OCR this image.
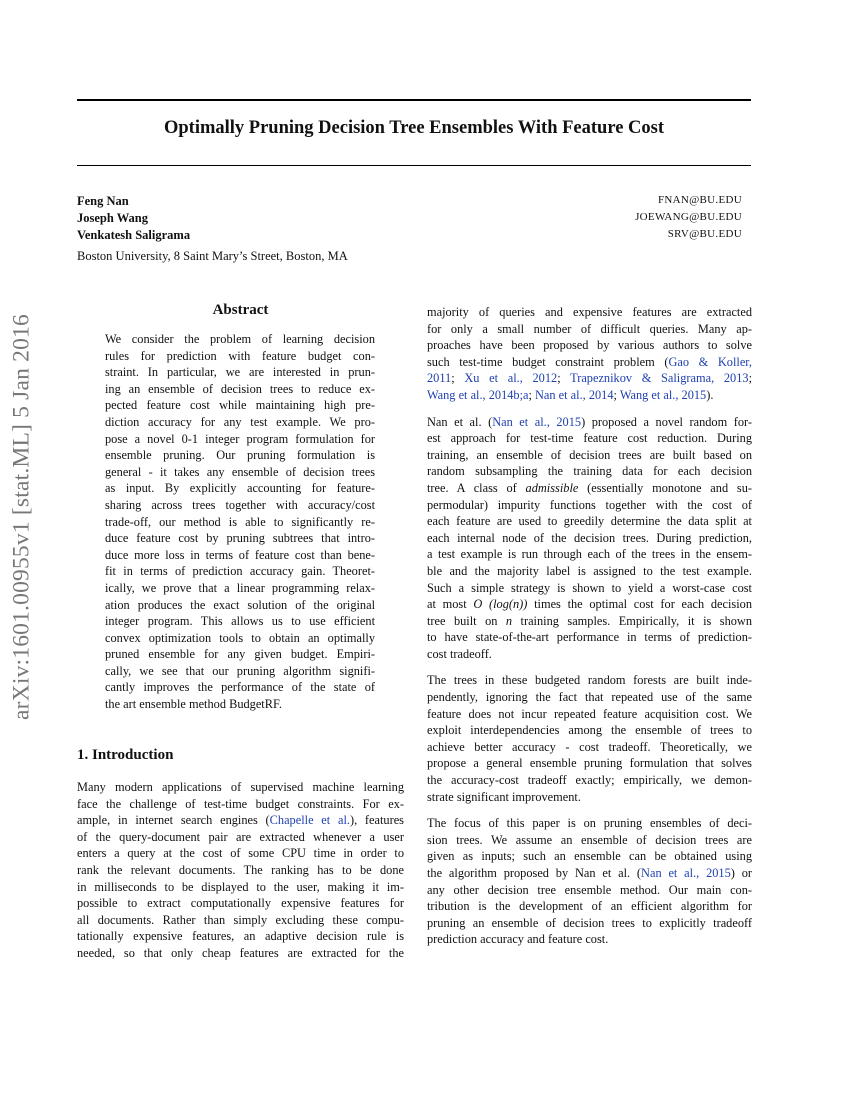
Optimally Pruning Decision Tree Ensembles With Feature Cost
Feng Nan	FNAN@BU.EDU
Joseph Wang	JOEWANG@BU.EDU
Venkatesh Saligrama	SRV@BU.EDU
Boston University, 8 Saint Mary’s Street, Boston, MA
arXiv:1601.00955v1 [stat.ML] 5 Jan 2016
Abstract
We consider the problem of learning decision
rules for prediction with feature budget con-
straint. In particular, we are interested in prun-
ing an ensemble of decision trees to reduce ex-
pected feature cost while maintaining high pre-
diction accuracy for any test example. We pro-
pose a novel 0-1 integer program formulation for
ensemble pruning. Our pruning formulation is
general - it takes any ensemble of decision trees
as input. By explicitly accounting for feature-
sharing across trees together with accuracy/cost
trade-off, our method is able to significantly re-
duce feature cost by pruning subtrees that intro-
duce more loss in terms of feature cost than bene-
fit in terms of prediction accuracy gain. Theoret-
ically, we prove that a linear programming relax-
ation produces the exact solution of the original
integer program. This allows us to use efficient
convex optimization tools to obtain an optimally
pruned ensemble for any given budget. Empiri-
cally, we see that our pruning algorithm signifi-
cantly improves the performance of the state of
the art ensemble method BudgetRF.
1. Introduction
Many modern applications of supervised machine learning
face the challenge of test-time budget constraints. For ex-
ample, in internet search engines (Chapelle et al.), features
of the query-document pair are extracted whenever a user
enters a query at the cost of some CPU time in order to
rank the relevant documents. The ranking has to be done
in milliseconds to be displayed to the user, making it im-
possible to extract computationally expensive features for
all documents. Rather than simply excluding these compu-
tationally expensive features, an adaptive decision rule is
needed, so that only cheap features are extracted for the
majority of queries and expensive features are extracted
for only a small number of difficult queries. Many ap-
proaches have been proposed by various authors to solve
such test-time budget constraint problem (Gao & Koller,
2011; Xu et al., 2012; Trapeznikov & Saligrama, 2013;
Wang et al., 2014b;a; Nan et al., 2014; Wang et al., 2015).
Nan et al. (Nan et al., 2015) proposed a novel random for-
est approach for test-time feature cost reduction. During
training, an ensemble of decision trees are built based on
random subsampling the training data for each decision
tree. A class of admissible (essentially monotone and su-
permodular) impurity functions together with the cost of
each feature are used to greedily determine the data split at
each internal node of the decision trees. During prediction,
a test example is run through each of the trees in the ensem-
ble and the majority label is assigned to the test example.
Such a simple strategy is shown to yield a worst-case cost
at most O (log(n)) times the optimal cost for each decision
tree built on n training samples. Empirically, it is shown
to have state-of-the-art performance in terms of prediction-
cost tradeoff.
The trees in these budgeted random forests are built inde-
pendently, ignoring the fact that repeated use of the same
feature does not incur repeated feature acquisition cost. We
exploit interdependencies among the ensemble of trees to
achieve better accuracy - cost tradeoff. Theoretically, we
propose a general ensemble pruning formulation that solves
the accuracy-cost tradeoff exactly; empirically, we demon-
strate significant improvement.
The focus of this paper is on pruning ensembles of deci-
sion trees. We assume an ensemble of decision trees are
given as inputs; such an ensemble can be obtained using
the algorithm proposed by Nan et al. (Nan et al., 2015) or
any other decision tree ensemble method. Our main con-
tribution is the development of an efficient algorithm for
pruning an ensemble of decision trees to explicitly tradeoff
prediction accuracy and feature cost.
